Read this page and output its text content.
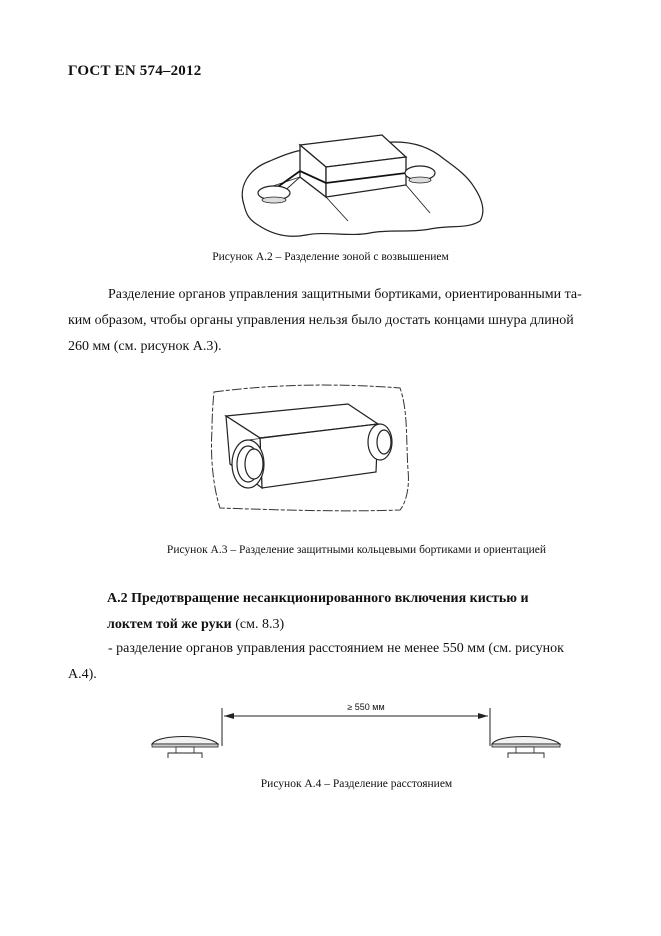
ГОСТ EN 574–2012
Рисунок А.2 – Разделение зоной с возвышением
Разделение органов управления защитными бортиками, ориентированными та-
ким образом, чтобы органы управления нельзя было достать концами шнура длиной
260 мм (см. рисунок А.3).
Рисунок А.3 – Разделение защитными кольцевыми бортиками и ориентацией
А.2 Предотвращение несанкционированного включения кистью и
локтем той же руки (см. 8.3)
- разделение органов управления расстоянием не менее 550 мм (см. рисунок
А.4).
≥ 550 мм
Рисунок А.4 – Разделение расстоянием
